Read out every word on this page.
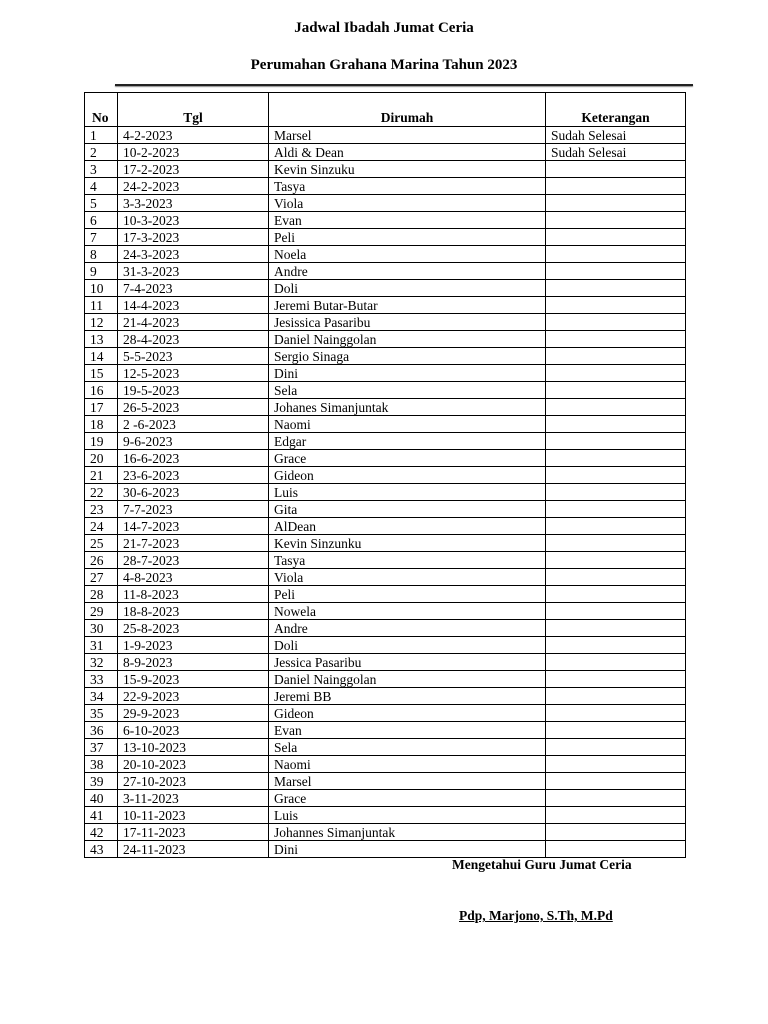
Jadwal Ibadah Jumat Ceria
Perumahan Grahana Marina Tahun 2023
No	Tgl	Dirumah	Keterangan
1	4-2-2023	Marsel	Sudah Selesai
2	10-2-2023	Aldi & Dean	Sudah Selesai
3	17-2-2023	Kevin Sinzuku	
4	24-2-2023	Tasya	
5	3-3-2023	Viola	
6	10-3-2023	Evan	
7	17-3-2023	Peli	
8	24-3-2023	Noela	
9	31-3-2023	Andre	
10	7-4-2023	Doli	
11	14-4-2023	Jeremi Butar-Butar	
12	21-4-2023	Jesissica Pasaribu	
13	28-4-2023	Daniel Nainggolan	
14	5-5-2023	Sergio Sinaga	
15	12-5-2023	Dini	
16	19-5-2023	Sela	
17	26-5-2023	Johanes Simanjuntak	
18	2 -6-2023	Naomi	
19	9-6-2023	Edgar	
20	16-6-2023	Grace	
21	23-6-2023	Gideon	
22	30-6-2023	Luis	
23	7-7-2023	Gita	
24	14-7-2023	AlDean	
25	21-7-2023	Kevin Sinzunku	
26	28-7-2023	Tasya	
27	4-8-2023	Viola	
28	11-8-2023	Peli	
29	18-8-2023	Nowela	
30	25-8-2023	Andre	
31	1-9-2023	Doli	
32	8-9-2023	Jessica Pasaribu	
33	15-9-2023	Daniel Nainggolan	
34	22-9-2023	Jeremi BB	
35	29-9-2023	Gideon	
36	6-10-2023	Evan	
37	13-10-2023	Sela	
38	20-10-2023	Naomi	
39	27-10-2023	Marsel	
40	3-11-2023	Grace	
41	10-11-2023	Luis	
42	17-11-2023	Johannes Simanjuntak	
43	24-11-2023	Dini	
Mengetahui Guru Jumat Ceria
Pdp, Marjono, S.Th, M.Pd
